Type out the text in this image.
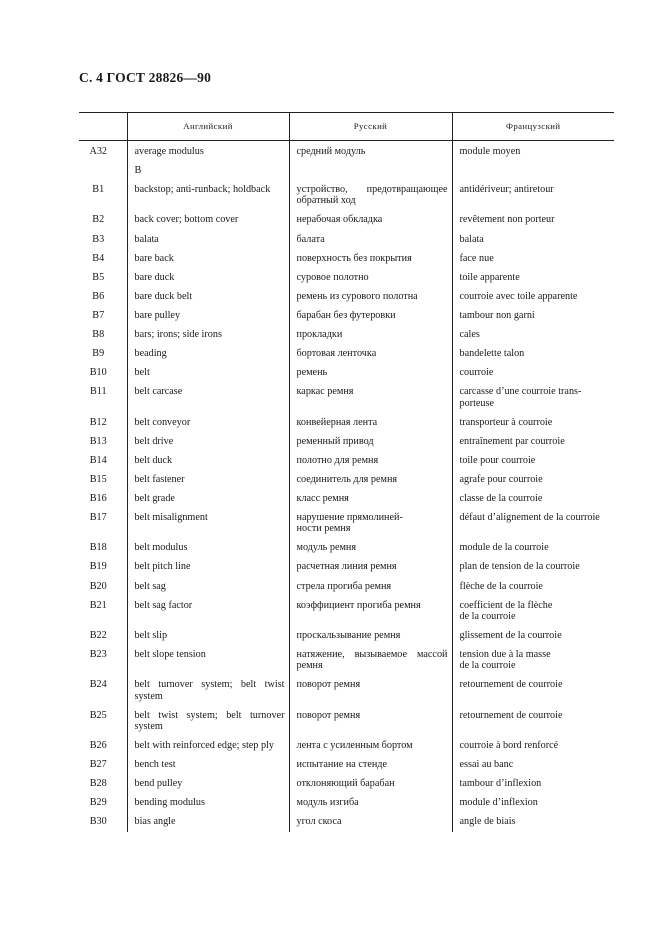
С. 4 ГОСТ 28826—90
	Английский	Русский	Французский
A32	average modulus	средний модуль	module moyen
	В		
B1	backstop; anti-runback; holdback	устройство, предотвращающее обратный ход	antidériveur; antiretour
B2	back cover; bottom cover	нерабочая обкладка	revêtement non porteur
B3	balata	балата	balata
B4	bare back	поверхность без покрытия	face nue
B5	bare duck	суровое полотно	toile apparente
B6	bare duck belt	ремень из сурового полотна	courroie avec toile apparente
B7	bare pulley	барабан без футеровки	tambour non garni
B8	bars; irons; side irons	прокладки	cales
B9	beading	бортовая ленточка	bandelette talon
B10	belt	ремень	courroie
B11	belt carcase	каркас ремня	carcasse d’une courroie trans-
porteuse
B12	belt conveyor	конвейерная лента	transporteur à courroie
B13	belt drive	ременный привод	entraînement par courroie
B14	belt duck	полотно для ремня	toile pour courroie
B15	belt fastener	соединитель для ремня	agrafe pour courroie
B16	belt grade	класс ремня	classe de la courroie
B17	belt misalignment	нарушение прямолиней-
ности ремня	défaut d’alignement de la courroie
B18	belt modulus	модуль ремня	module de la courroie
B19	belt pitch line	расчетная линия ремня	plan de tension de la courroie
B20	belt sag	стрела прогиба ремня	flèche de la courroie
B21	belt sag factor	коэффициент прогиба ремня	coefficient de la flèche
de la courroie
B22	belt slip	проскальзывание ремня	glissement de la courroie
B23	belt slope tension	натяжение, вызываемое массой ремня	tension due à la masse
de la courroie
B24	belt turnover system; belt twist system	поворот ремня	retournement de courroie
B25	belt twist system; belt turnover system	поворот ремня	retournement de courroie
B26	belt with reinforced edge; step ply	лента с усиленным бортом	courroie à bord renforcé
B27	bench test	испытание на стенде	essai au banc
B28	bend pulley	отклоняющий барабан	tambour d’inflexion
B29	bending modulus	модуль изгиба	module d’inflexion
B30	bias angle	угол скоса	angle de biais
